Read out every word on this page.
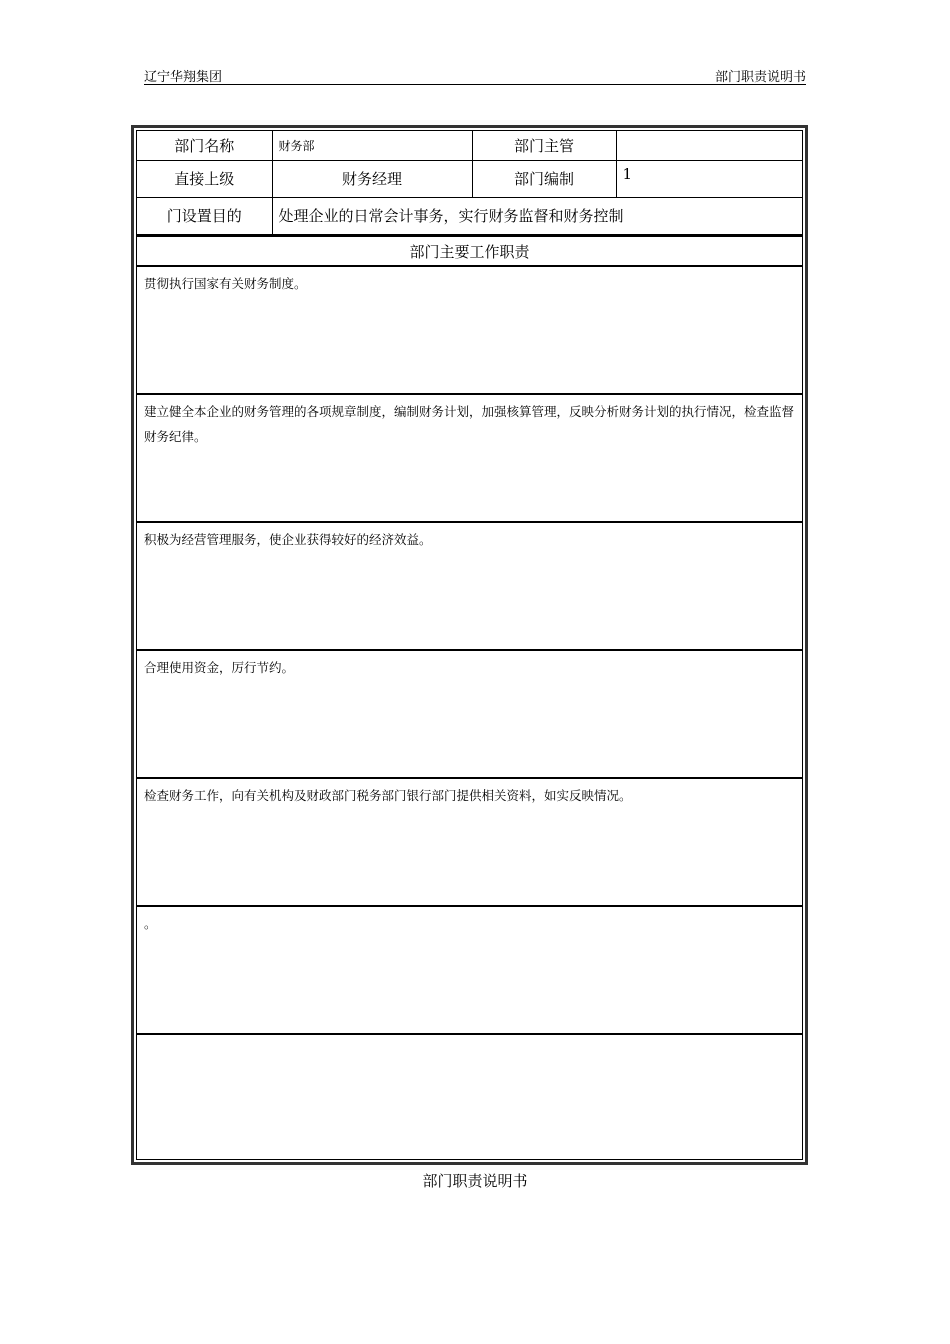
辽宁华翔集团	部门职责说明书
部门名称	财务部	部门主管	
直接上级	财务经理	部门编制	1
门设置目的	处理企业的日常会计事务，实行财务监督和财务控制		
部门主要工作职责
贯彻执行国家有关财务制度。
建立健全本企业的财务管理的各项规章制度，编制财务计划，加强核算管理，反映分析财务计划的执行情况，检查监督财务纪律。
积极为经营管理服务，使企业获得较好的经济效益。
合理使用资金，厉行节约。
检查财务工作，向有关机构及财政部门税务部门银行部门提供相关资料，如实反映情况。
。
部门职责说明书
